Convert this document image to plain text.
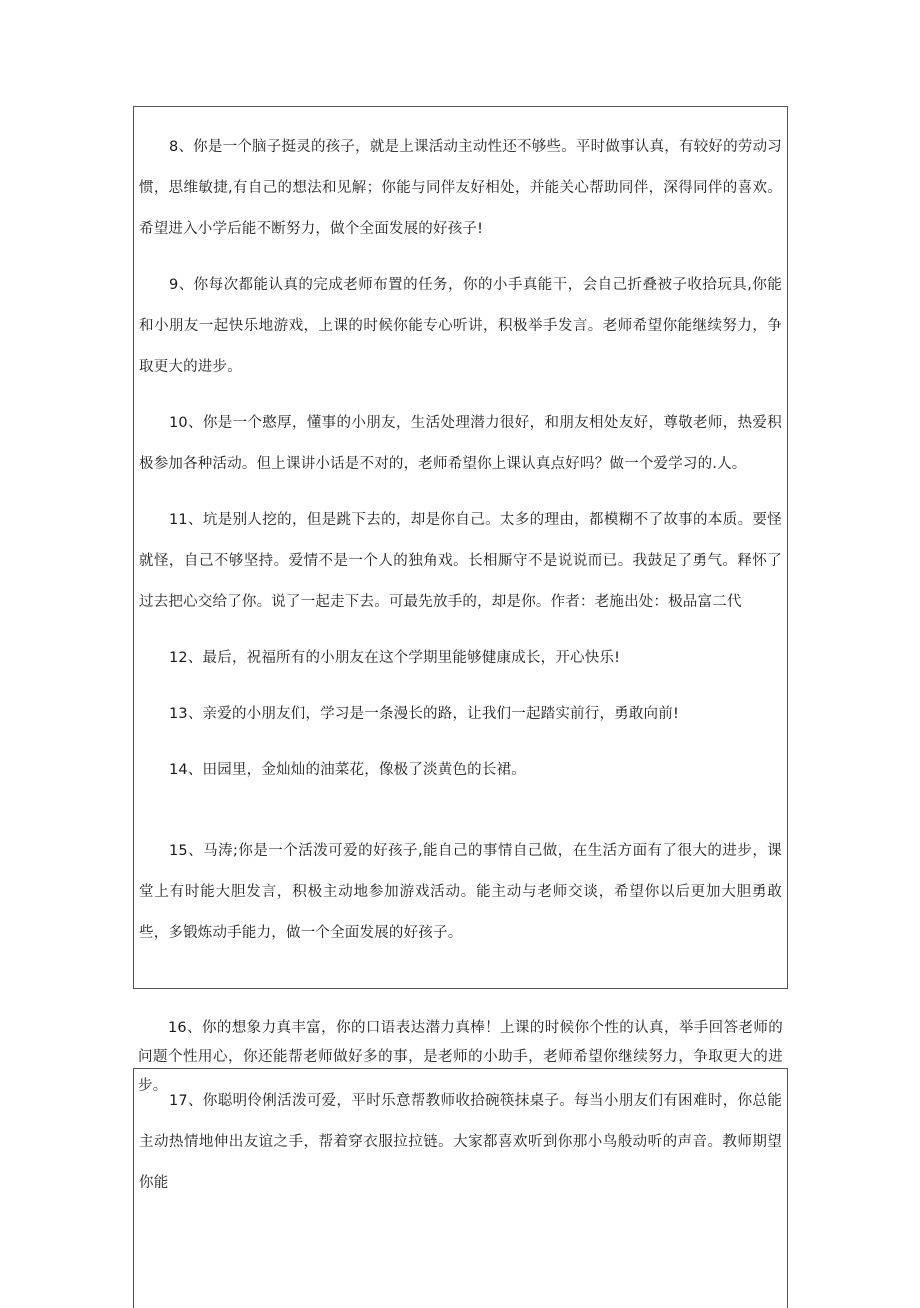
8、你是一个脑子挺灵的孩子，就是上课活动主动性还不够些。平时做事认真，有较好的劳动习惯，思维敏捷,有自己的想法和见解；你能与同伴友好相处，并能关心帮助同伴，深得同伴的喜欢。希望进入小学后能不断努力，做个全面发展的好孩子!

9、你每次都能认真的完成老师布置的任务，你的小手真能干，会自己折叠被子收拾玩具,你能和小朋友一起快乐地游戏，上课的时候你能专心听讲，积极举手发言。老师希望你能继续努力，争取更大的进步。

10、你是一个憨厚，懂事的小朋友，生活处理潜力很好，和朋友相处友好，尊敬老师，热爱积极参加各种活动。但上课讲小话是不对的，老师希望你上课认真点好吗？做一个爱学习的.人。

11、坑是别人挖的，但是跳下去的，却是你自己。太多的理由，都模糊不了故事的本质。要怪就怪，自己不够坚持。爱情不是一个人的独角戏。长相厮守不是说说而已。我鼓足了勇气。释怀了过去把心交给了你。说了一起走下去。可最先放手的，却是你。作者：老施出处：极品富二代

12、最后，祝福所有的小朋友在这个学期里能够健康成长，开心快乐!

13、亲爱的小朋友们，学习是一条漫长的路，让我们一起踏实前行，勇敢向前!

14、田园里，金灿灿的油菜花，像极了淡黄色的长裙。

15、马涛;你是一个活泼可爱的好孩子,能自己的事情自己做，在生活方面有了很大的进步，课堂上有时能大胆发言，积极主动地参加游戏活动。能主动与老师交谈，希望你以后更加大胆勇敢些，多锻炼动手能力，做一个全面发展的好孩子。

16、你的想象力真丰富，你的口语表达潜力真棒！上课的时候你个性的认真，举手回答老师的问题个性用心，你还能帮老师做好多的事，是老师的小助手，老师希望你继续努力，争取更大的进步。

17、你聪明伶俐活泼可爱，平时乐意帮教师收拾碗筷抹桌子。每当小朋友们有困难时，你总能主动热情地伸出友谊之手，帮着穿衣服拉拉链。大家都喜欢听到你那小鸟般动听的声音。教师期望你能
